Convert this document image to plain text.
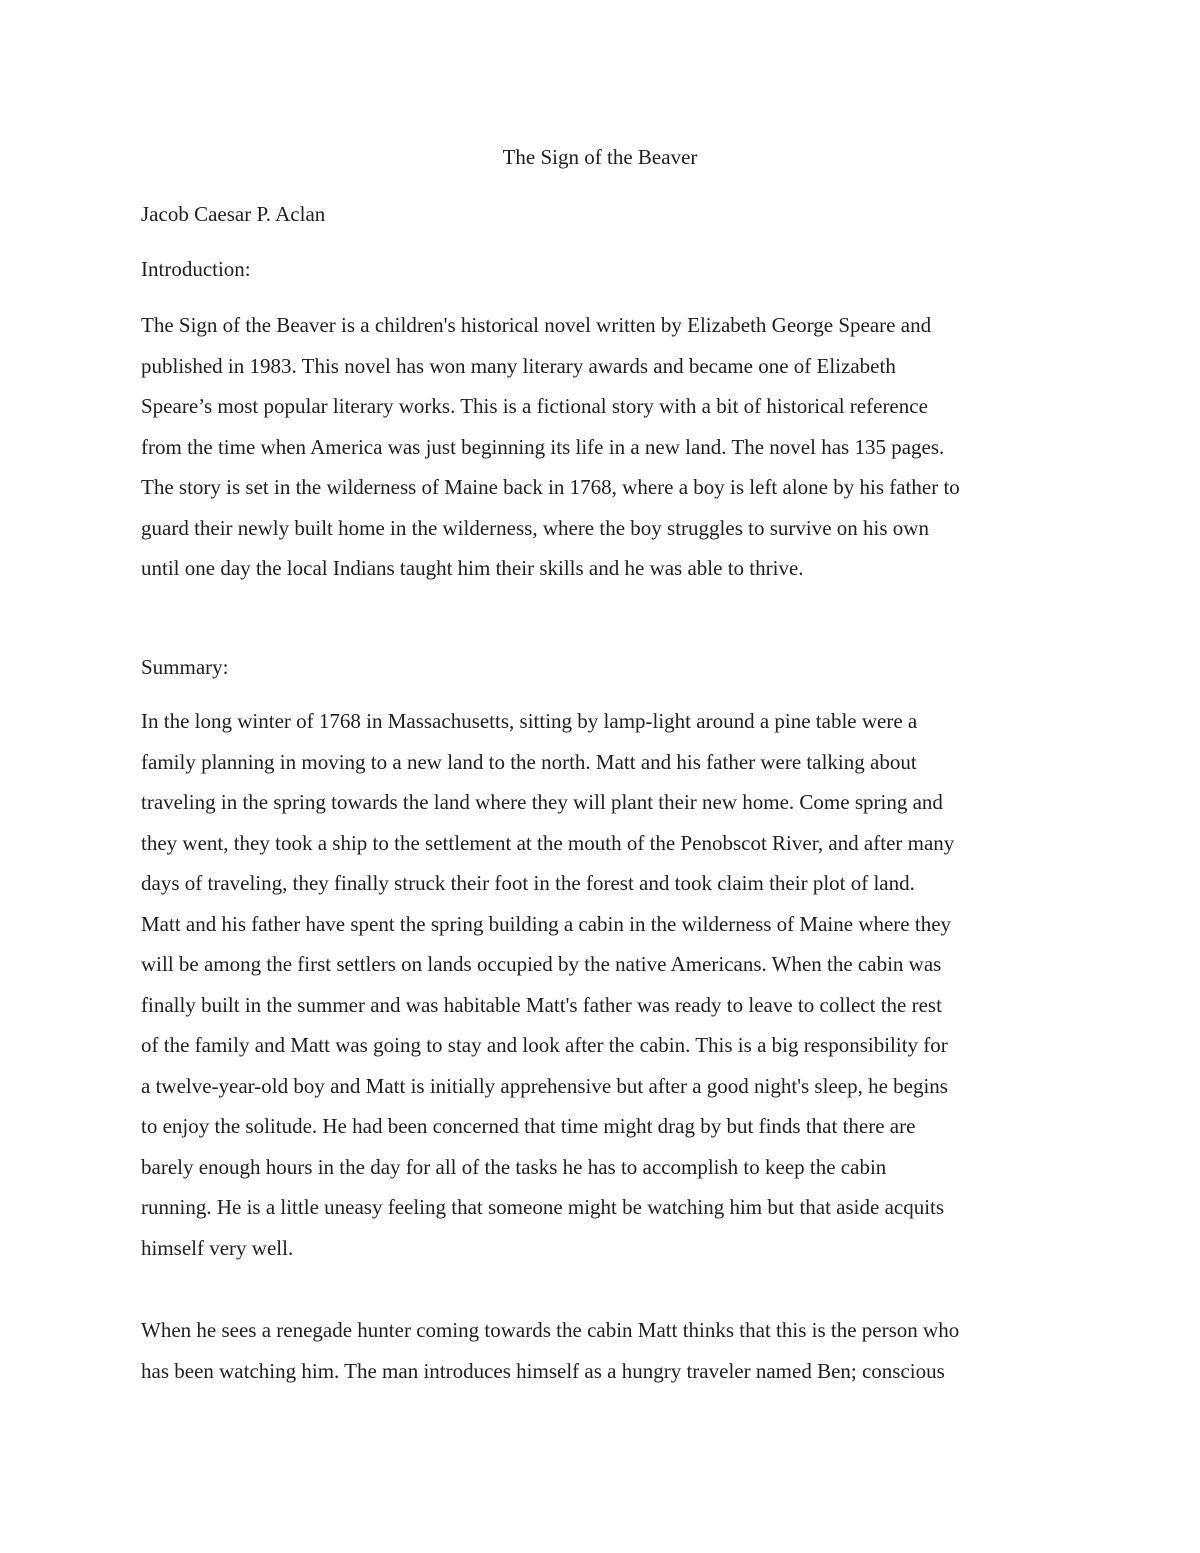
The Sign of the Beaver
Jacob Caesar P. Aclan
Introduction:
The Sign of the Beaver is a children's historical novel written by Elizabeth George Speare and
published in 1983. This novel has won many literary awards and became one of Elizabeth
Speare’s most popular literary works. This is a fictional story with a bit of historical reference
from the time when America was just beginning its life in a new land. The novel has 135 pages.
The story is set in the wilderness of Maine back in 1768, where a boy is left alone by his father to
guard their newly built home in the wilderness, where the boy struggles to survive on his own
until one day the local Indians taught him their skills and he was able to thrive.
Summary:
In the long winter of 1768 in Massachusetts, sitting by lamp-light around a pine table were a
family planning in moving to a new land to the north. Matt and his father were talking about
traveling in the spring towards the land where they will plant their new home. Come spring and
they went, they took a ship to the settlement at the mouth of the Penobscot River, and after many
days of traveling, they finally struck their foot in the forest and took claim their plot of land.
Matt and his father have spent the spring building a cabin in the wilderness of Maine where they
will be among the first settlers on lands occupied by the native Americans. When the cabin was
finally built in the summer and was habitable Matt's father was ready to leave to collect the rest
of the family and Matt was going to stay and look after the cabin. This is a big responsibility for
a twelve-year-old boy and Matt is initially apprehensive but after a good night's sleep, he begins
to enjoy the solitude. He had been concerned that time might drag by but finds that there are
barely enough hours in the day for all of the tasks he has to accomplish to keep the cabin
running. He is a little uneasy feeling that someone might be watching him but that aside acquits
himself very well.
When he sees a renegade hunter coming towards the cabin Matt thinks that this is the person who
has been watching him. The man introduces himself as a hungry traveler named Ben; conscious
